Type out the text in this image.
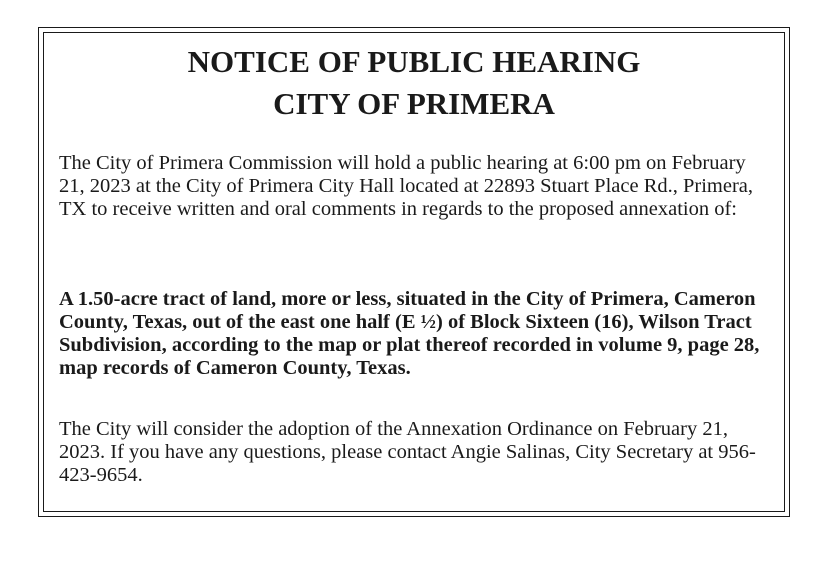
NOTICE OF PUBLIC HEARING
CITY OF PRIMERA

The City of Primera Commission will hold a public hearing at 6:00 pm on February 21, 2023 at the City of Primera City Hall located at 22893 Stuart Place Rd., Primera, TX to receive written and oral comments in regards to the proposed annexation of:

A 1.50-acre tract of land, more or less, situated in the City of Primera, Cameron County, Texas, out of the east one half (E ½) of Block Sixteen (16), Wilson Tract Subdivision, according to the map or plat thereof recorded in volume 9, page 28, map records of Cameron County, Texas.

The City will consider the adoption of the Annexation Ordinance on February 21, 2023. If you have any questions, please contact Angie Salinas, City Secretary at 956-423-9654.
